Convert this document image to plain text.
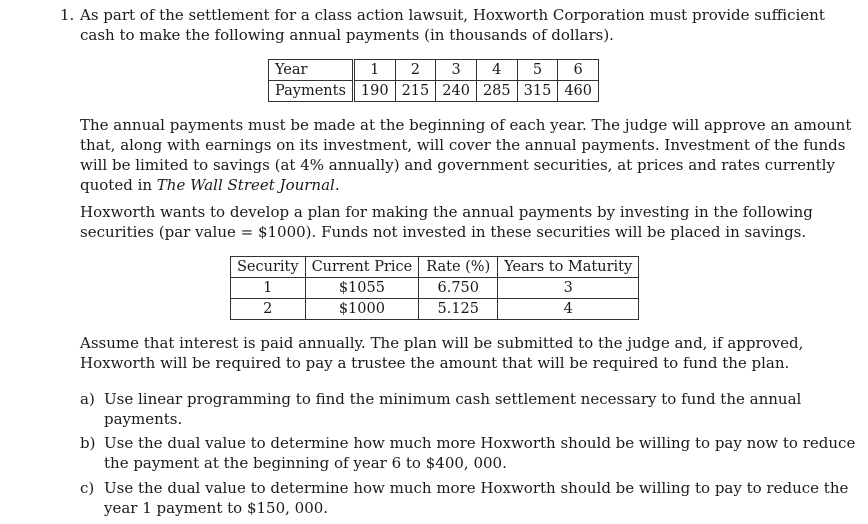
1. As part of the settlement for a class action lawsuit, Hoxworth Corporation must provide sufficient
cash to make the following annual payments (in thousands of dollars).
Year	1	2	3	4	5	6
Payments	190	215	240	285	315	460
The annual payments must be made at the beginning of each year. The judge will approve an amount
that, along with earnings on its investment, will cover the annual payments. Investment of the funds
will be limited to savings (at 4% annually) and government securities, at prices and rates currently
quoted in The Wall Street Journal.
Hoxworth wants to develop a plan for making the annual payments by investing in the following
securities (par value = $1000). Funds not invested in these securities will be placed in savings.
Security	Current Price	Rate (%)	Years to Maturity
1	$1055	6.750	3
2	$1000	5.125	4
Assume that interest is paid annually. The plan will be submitted to the judge and, if approved,
Hoxworth will be required to pay a trustee the amount that will be required to fund the plan.
a) Use linear programming to find the minimum cash settlement necessary to fund the annual
payments.
b) Use the dual value to determine how much more Hoxworth should be willing to pay now to reduce
the payment at the beginning of year 6 to $400, 000.
c) Use the dual value to determine how much more Hoxworth should be willing to pay to reduce the
year 1 payment to $150, 000.
